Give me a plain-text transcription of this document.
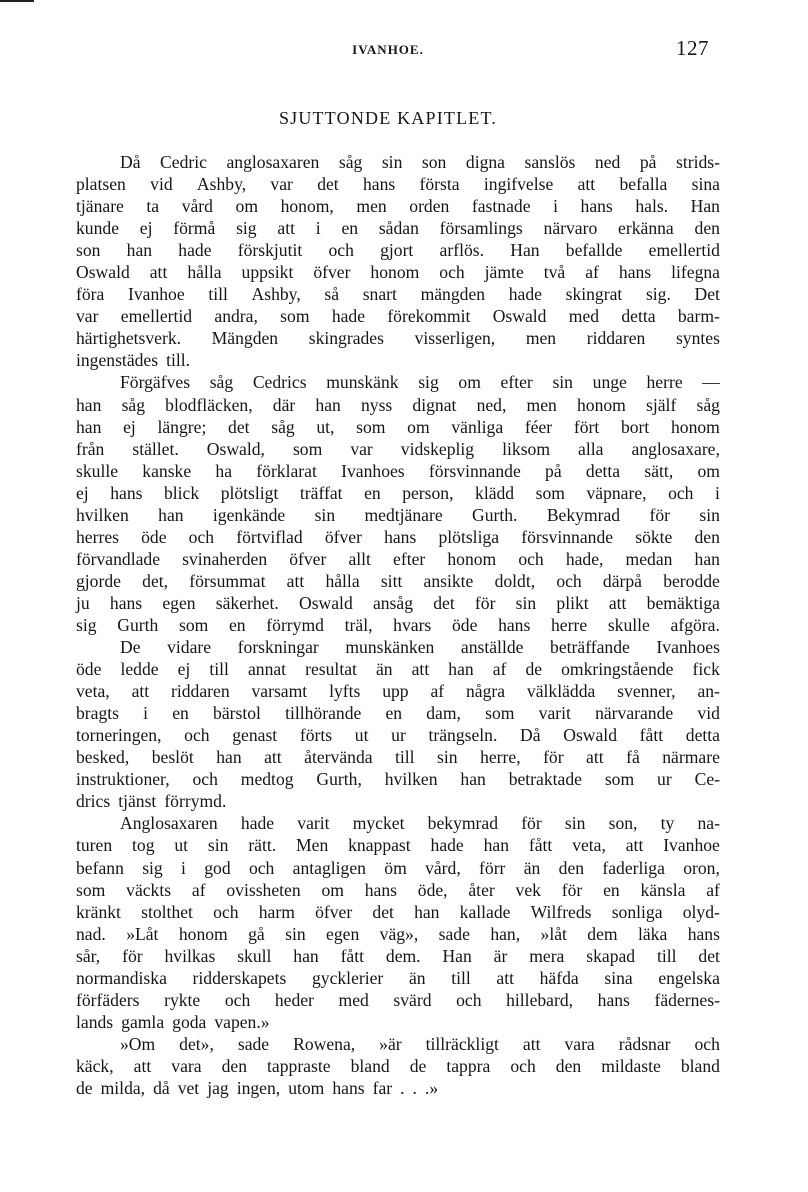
IVANHOE.	127
SJUTTONDE KAPITLET.
Då Cedric anglosaxaren såg sin son digna sanslös ned på strids-
platsen vid Ashby, var det hans första ingifvelse att befalla sina
tjänare ta vård om honom, men orden fastnade i hans hals. Han
kunde ej förmå sig att i en sådan församlings närvaro erkänna den
son han hade förskjutit och gjort arflös. Han befallde emellertid
Oswald att hålla uppsikt öfver honom och jämte två af hans lifegna
föra Ivanhoe till Ashby, så snart mängden hade skingrat sig. Det
var emellertid andra, som hade förekommit Oswald med detta barm-
härtighetsverk. Mängden skingrades visserligen, men riddaren syntes
ingenstädes till.
Förgäfves såg Cedrics munskänk sig om efter sin unge herre —
han såg blodfläcken, där han nyss dignat ned, men honom själf såg
han ej längre; det såg ut, som om vänliga féer fört bort honom
från stället. Oswald, som var vidskeplig liksom alla anglosaxare,
skulle kanske ha förklarat Ivanhoes försvinnande på detta sätt, om
ej hans blick plötsligt träffat en person, klädd som väpnare, och i
hvilken han igenkände sin medtjänare Gurth. Bekymrad för sin
herres öde och förtviflad öfver hans plötsliga försvinnande sökte den
förvandlade svinaherden öfver allt efter honom och hade, medan han
gjorde det, försummat att hålla sitt ansikte doldt, och därpå berodde
ju hans egen säkerhet. Oswald ansåg det för sin plikt att bemäktiga
sig Gurth som en förrymd träl, hvars öde hans herre skulle afgöra.
De vidare forskningar munskänken anställde beträffande Ivanhoes
öde ledde ej till annat resultat än att han af de omkringstående fick
veta, att riddaren varsamt lyfts upp af några välklädda svenner, an-
bragts i en bärstol tillhörande en dam, som varit närvarande vid
torneringen, och genast förts ut ur trängseln. Då Oswald fått detta
besked, beslöt han att återvända till sin herre, för att få närmare
instruktioner, och medtog Gurth, hvilken han betraktade som ur Ce-
drics tjänst förrymd.
Anglosaxaren hade varit mycket bekymrad för sin son, ty na-
turen tog ut sin rätt. Men knappast hade han fått veta, att Ivanhoe
befann sig i god och antagligen öm vård, förr än den faderliga oron,
som väckts af ovissheten om hans öde, åter vek för en känsla af
kränkt stolthet och harm öfver det han kallade Wilfreds sonliga olyd-
nad. »Låt honom gå sin egen väg», sade han, »låt dem läka hans
sår, för hvilkas skull han fått dem. Han är mera skapad till det
normandiska ridderskapets gycklerier än till att häfda sina engelska
förfäders rykte och heder med svärd och hillebard, hans fädernes-
lands gamla goda vapen.»
»Om det», sade Rowena, »är tillräckligt att vara rådsnar och
käck, att vara den tappraste bland de tappra och den mildaste bland
de milda, då vet jag ingen, utom hans far . . .»
